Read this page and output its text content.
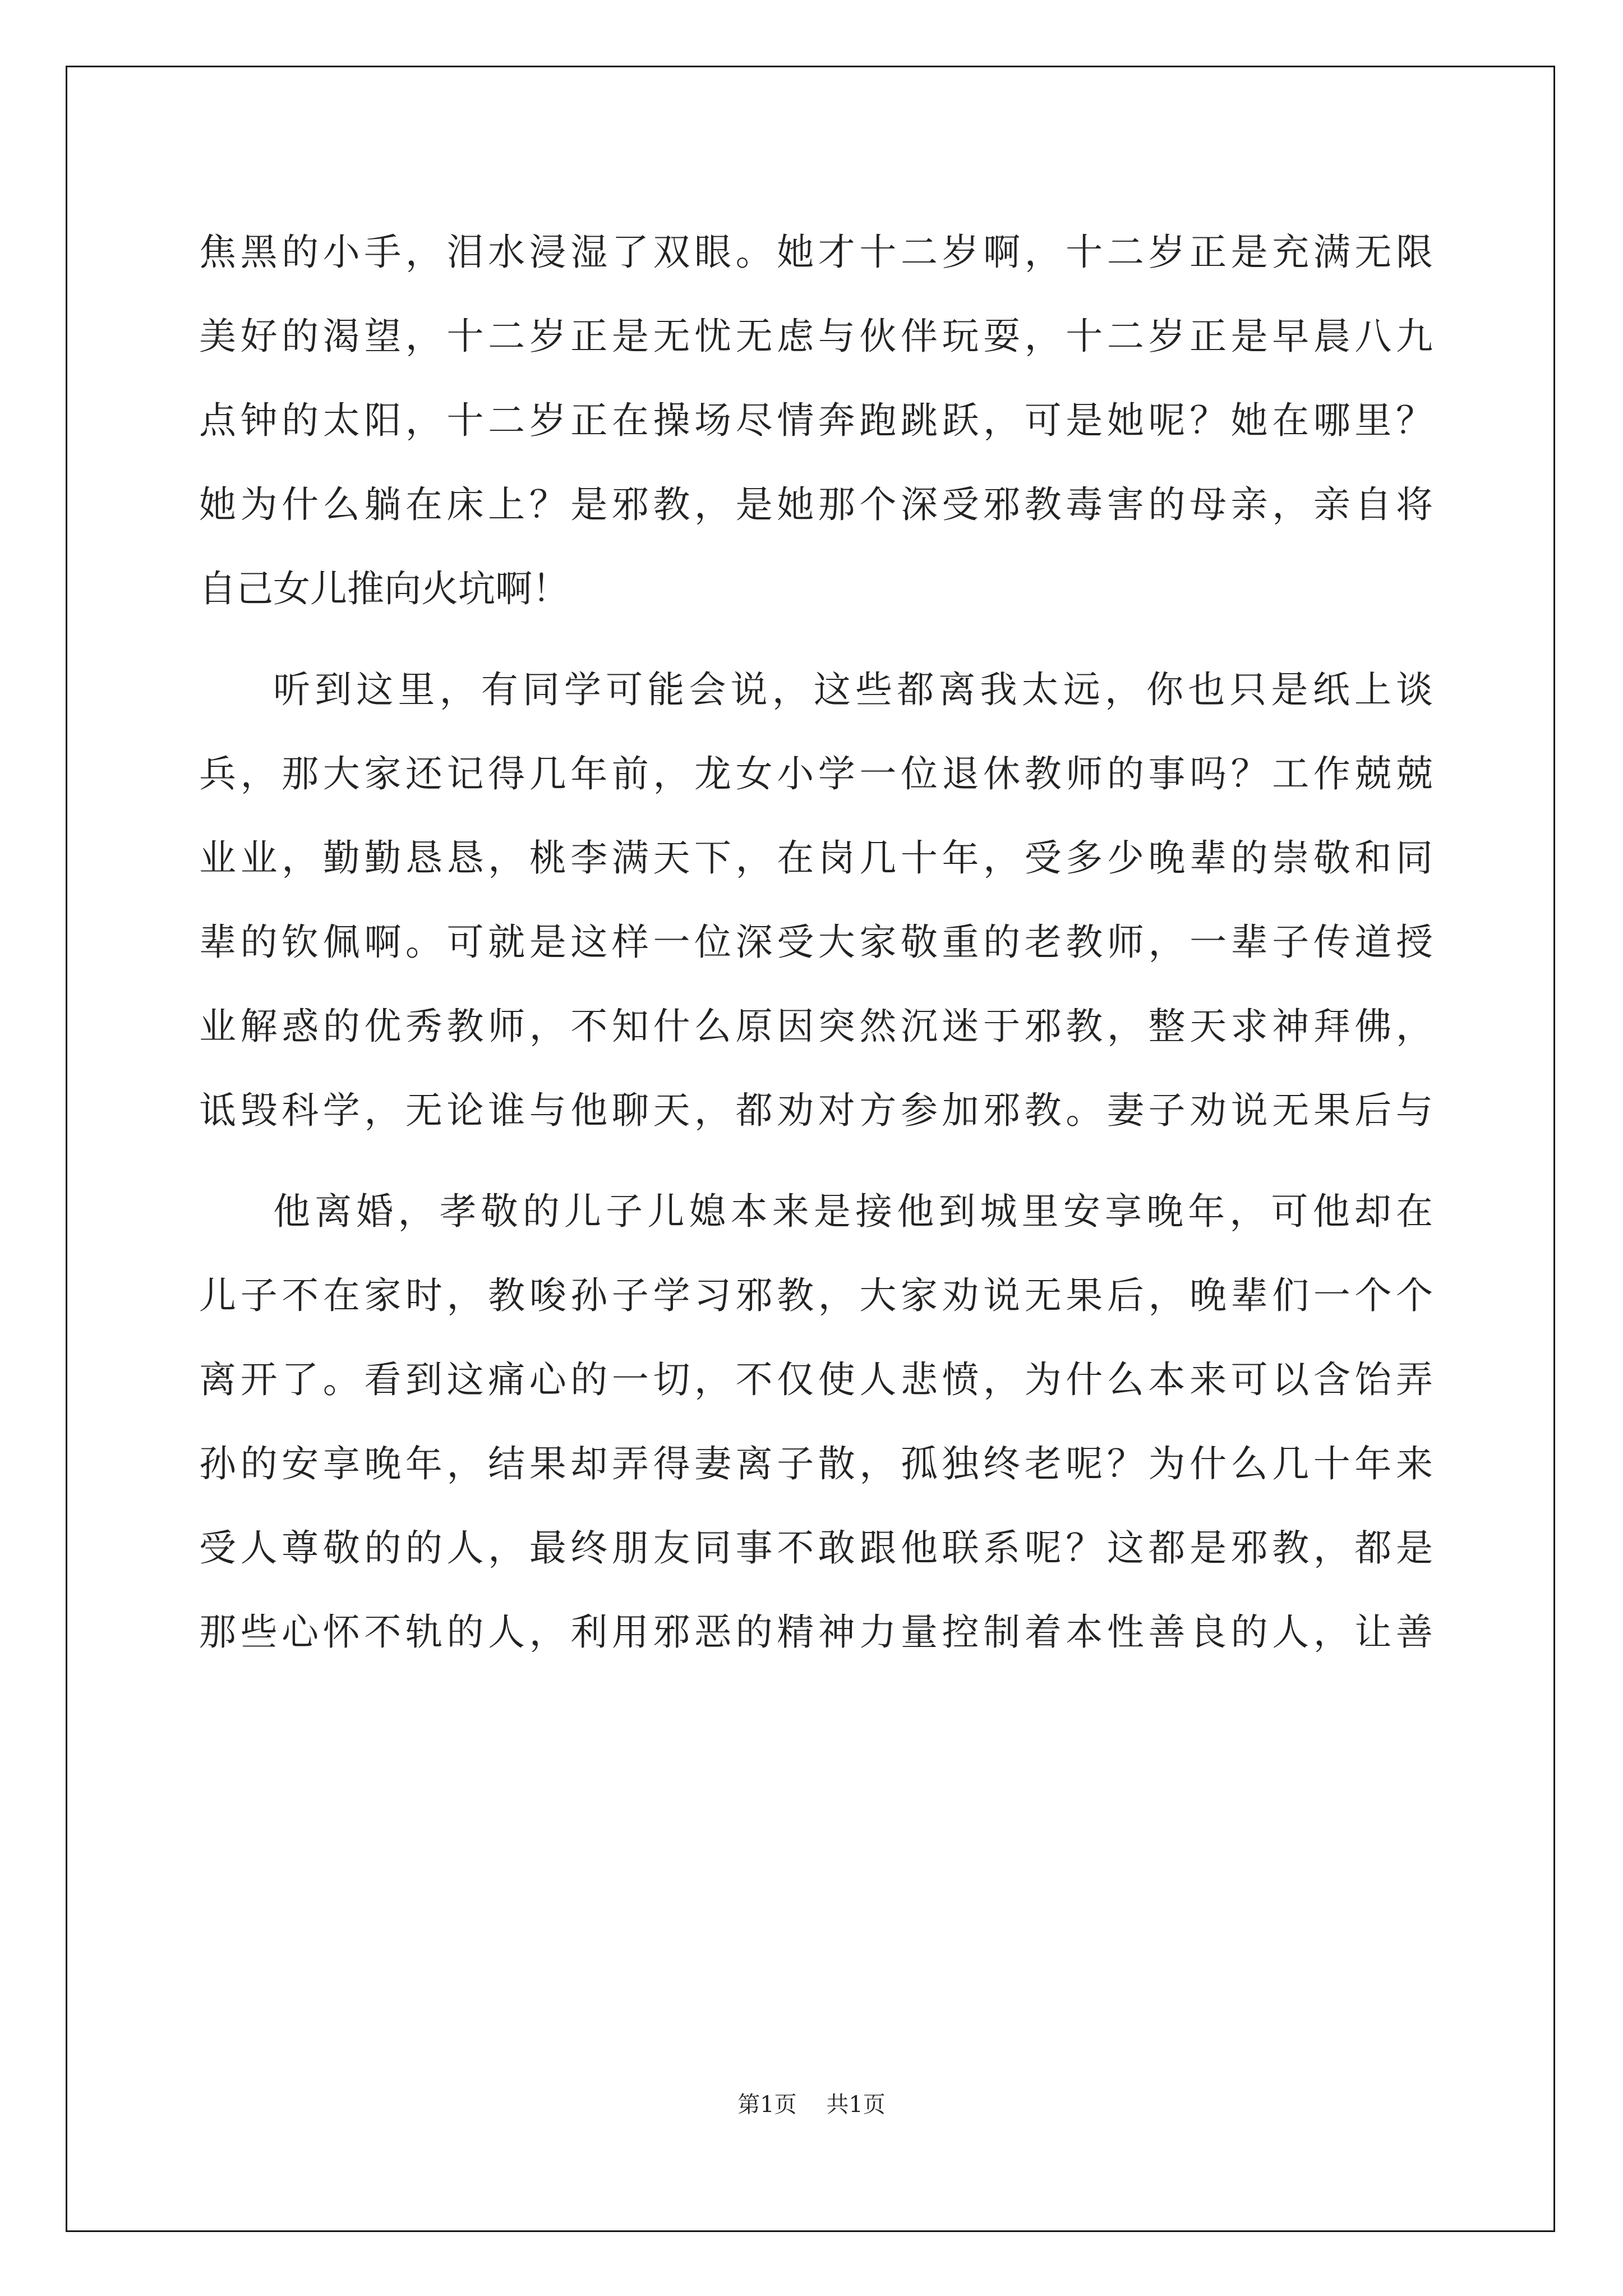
焦黑的小手，泪水浸湿了双眼。她才十二岁啊，十二岁正是充满无限
美好的渴望，十二岁正是无忧无虑与伙伴玩耍，十二岁正是早晨八九
点钟的太阳，十二岁正在操场尽情奔跑跳跃，可是她呢？她在哪里？
她为什么躺在床上？是邪教，是她那个深受邪教毒害的母亲，亲自将
自己女儿推向火坑啊！
听到这里，有同学可能会说，这些都离我太远，你也只是纸上谈
兵，那大家还记得几年前，龙女小学一位退休教师的事吗？工作兢兢
业业，勤勤恳恳，桃李满天下，在岗几十年，受多少晚辈的崇敬和同
辈的钦佩啊。可就是这样一位深受大家敬重的老教师，一辈子传道授
业解惑的优秀教师，不知什么原因突然沉迷于邪教，整天求神拜佛，
诋毁科学，无论谁与他聊天，都劝对方参加邪教。妻子劝说无果后与
他离婚，孝敬的儿子儿媳本来是接他到城里安享晚年，可他却在
儿子不在家时，教唆孙子学习邪教，大家劝说无果后，晚辈们一个个
离开了。看到这痛心的一切，不仅使人悲愤，为什么本来可以含饴弄
孙的安享晚年，结果却弄得妻离子散，孤独终老呢？为什么几十年来
受人尊敬的的人，最终朋友同事不敢跟他联系呢？这都是邪教，都是
那些心怀不轨的人，利用邪恶的精神力量控制着本性善良的人，让善
第1页 共1页
